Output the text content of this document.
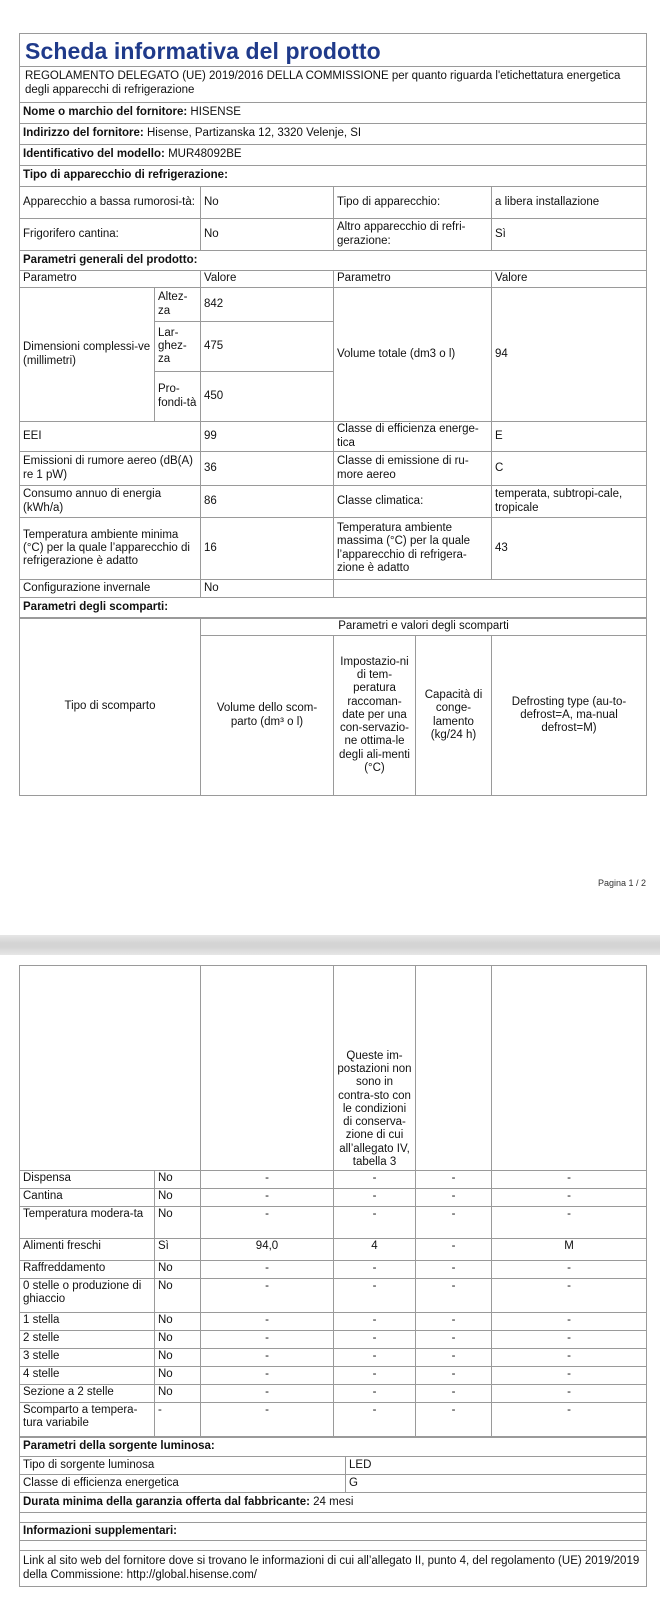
Scheda informativa del prodotto				

REGOLAMENTO DELEGATO (UE) 2019/2016 DELLA COMMISSIONE per quanto riguarda l'etichettatura energetica degli apparecchi di refrigerazione				
Nome o marchio del fornitore: HISENSE				
Indirizzo del fornitore: Hisense, Partizanska 12, 3320 Velenje, SI				
Identificativo del modello: MUR48092BE				
Tipo di apparecchio di refrigerazione:				
Apparecchio a bassa rumorosi-tà:		No	Tipo di apparecchio:	a libera installazione
Frigorifero cantina:		No	Altro apparecchio di refri-gerazione:	Sì
Parametri generali del prodotto:				
Parametro		Valore	Parametro	Valore
Dimensioni complessi-ve (millimetri)	Altez-za	842	Volume totale (dm3 o l)	94
	Lar-ghez-za	475		
	Pro-fondi-tà	450		
EEI		99	Classe di efficienza energe-tica	E
Emissioni di rumore aereo (dB(A) re 1 pW)		36	Classe di emissione di ru-more aereo	C
Consumo annuo di energia (kWh/a)		86	Classe climatica:	temperata, subtropi-cale, tropicale
Temperatura ambiente minima (°C) per la quale l’apparecchio di refrigerazione è adatto		16	Temperatura ambiente massima (°C) per la quale l’apparecchio di refrigera-zione è adatto	43
Configurazione invernale		No		
Parametri degli scomparti:				
Tipo di scomparto	Parametri e valori degli scomparti			
	Volume dello scom-parto (dm³ o l)	Impostazio-ni di tem-peratura raccoman-date per una con-servazio-ne ottima-le degli ali-menti (°C)	Capacità di conge-lamento (kg/24 h)	Defrosting type (au-to-defrost=A, ma-nual defrost=M)
Pagina 1 / 2
			Queste im-postazioni non sono in contra-sto con le condizioni di conserva-zione di cui all’allegato IV, tabella 3		
Dispensa	No	-	-	-	-
Cantina	No	-	-	-	-
Temperatura modera-ta	No	-	-	-	-
Alimenti freschi	Sì	94,0	4	-	M
Raffreddamento	No	-	-	-	-
0 stelle o produzione di ghiaccio	No	-	-	-	-
1 stella	No	-	-	-	-
2 stelle	No	-	-	-	-
3 stelle	No	-	-	-	-
4 stelle	No	-	-	-	-
Sezione a 2 stelle	No	-	-	-	-
Scomparto a tempera-tura variabile	-	-	-	-	-
Parametri della sorgente luminosa:	
Tipo di sorgente luminosa	LED
Classe di efficienza energetica	G
Durata minima della garanzia offerta dal fabbricante: 24 mesi	

Informazioni supplementari:	

Link al sito web del fornitore dove si trovano le informazioni di cui all’allegato II, punto 4, del regolamento (UE) 2019/2019 della Commissione: http://global.hisense.com/	
